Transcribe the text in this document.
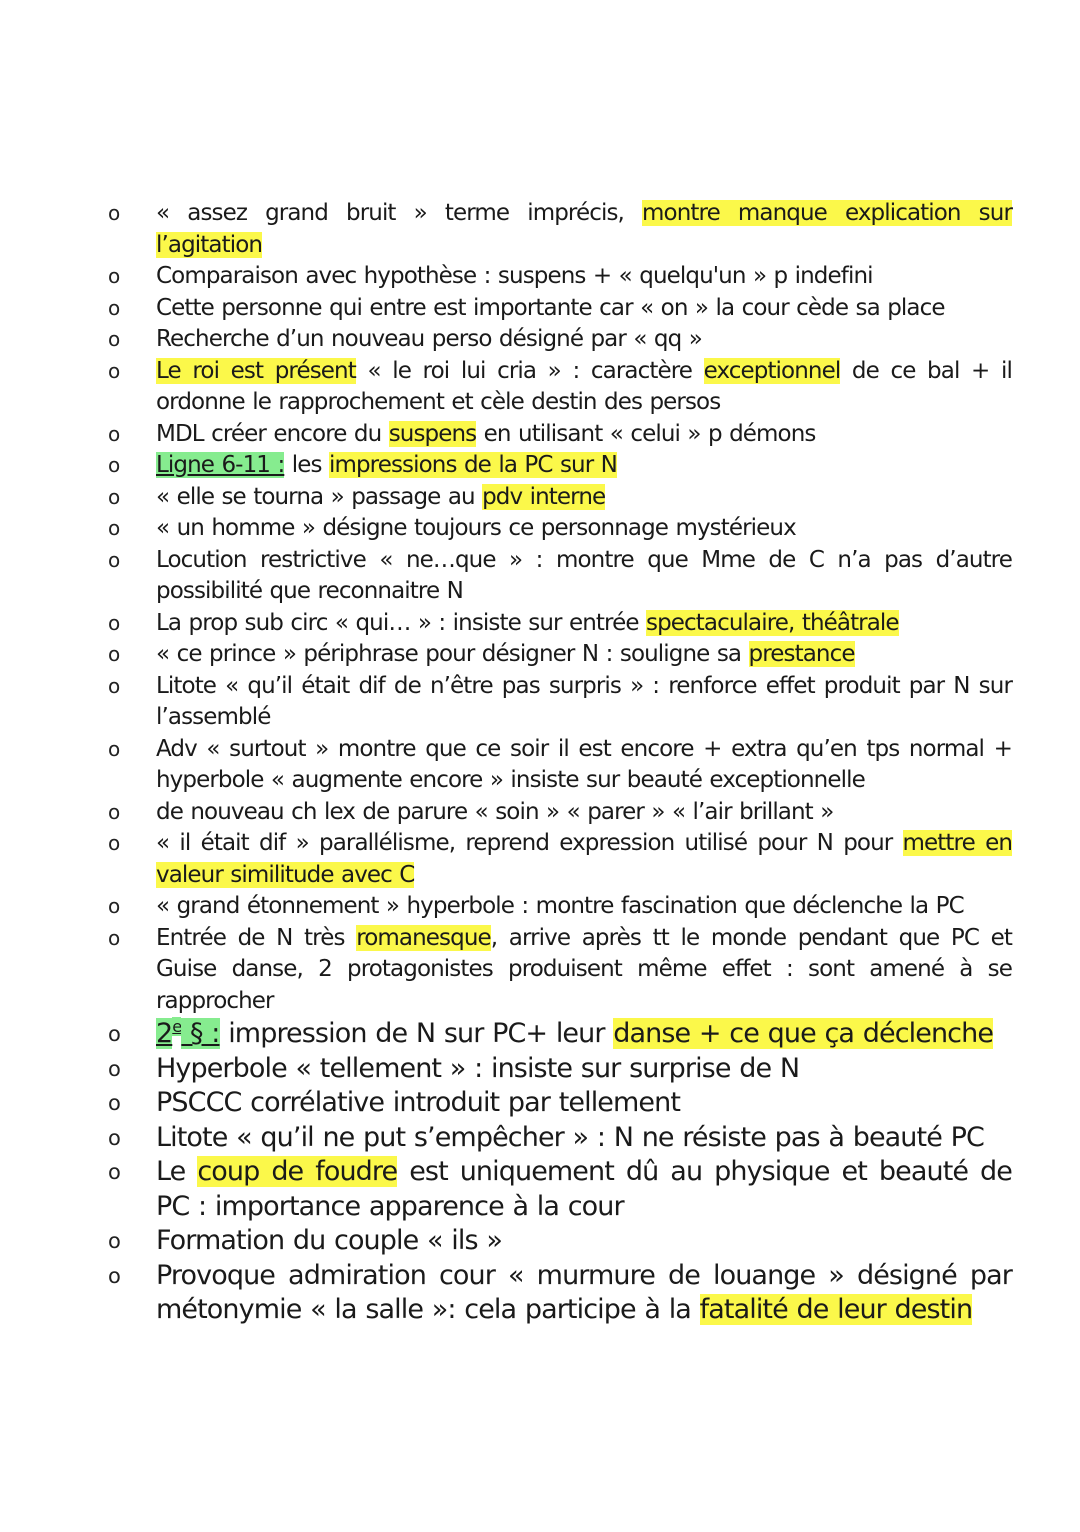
o « assez grand bruit » terme imprécis, montre manque explication sur l’agitation
o Comparaison avec hypothèse : suspens + « quelqu'un » p indefini
o Cette personne qui entre est importante car « on » la cour cède sa place
o Recherche d’un nouveau perso désigné par « qq »
o Le roi est présent « le roi lui cria » : caractère exceptionnel de ce bal + il ordonne le rapprochement et cèle destin des persos
o MDL créer encore du suspens en utilisant « celui » p démons
o Ligne 6-11 : les impressions de la PC sur N
o « elle se tourna » passage au pdv interne
o « un homme » désigne toujours ce personnage mystérieux
o Locution restrictive « ne…que » : montre que Mme de C n’a pas d’autre possibilité que reconnaitre N
o La prop sub circ « qui… » : insiste sur entrée spectaculaire, théâtrale
o « ce prince » périphrase pour désigner N : souligne sa prestance
o Litote « qu’il était dif de n’être pas surpris » : renforce effet produit par N sur l’assemblé
o Adv « surtout » montre que ce soir il est encore + extra qu’en tps normal + hyperbole « augmente encore » insiste sur beauté exceptionnelle
o de nouveau ch lex de parure « soin » « parer » « l’air brillant »
o « il était dif » parallélisme, reprend expression utilisé pour N pour mettre en valeur similitude avec C
o « grand étonnement » hyperbole : montre fascination que déclenche la PC
o Entrée de N très romanesque, arrive après tt le monde pendant que PC et Guise danse, 2 protagonistes produisent même effet : sont amené à se rapprocher
o 2e § : impression de N sur PC+ leur danse + ce que ça déclenche
o Hyperbole « tellement » : insiste sur surprise de N
o PSCCC corrélative introduit par tellement
o Litote « qu’il ne put s’empêcher » : N ne résiste pas à beauté PC
o Le coup de foudre est uniquement dû au physique et beauté de PC : importance apparence à la cour
o Formation du couple « ils »
o Provoque admiration cour « murmure de louange » désigné par métonymie « la salle »: cela participe à la fatalité de leur destin
